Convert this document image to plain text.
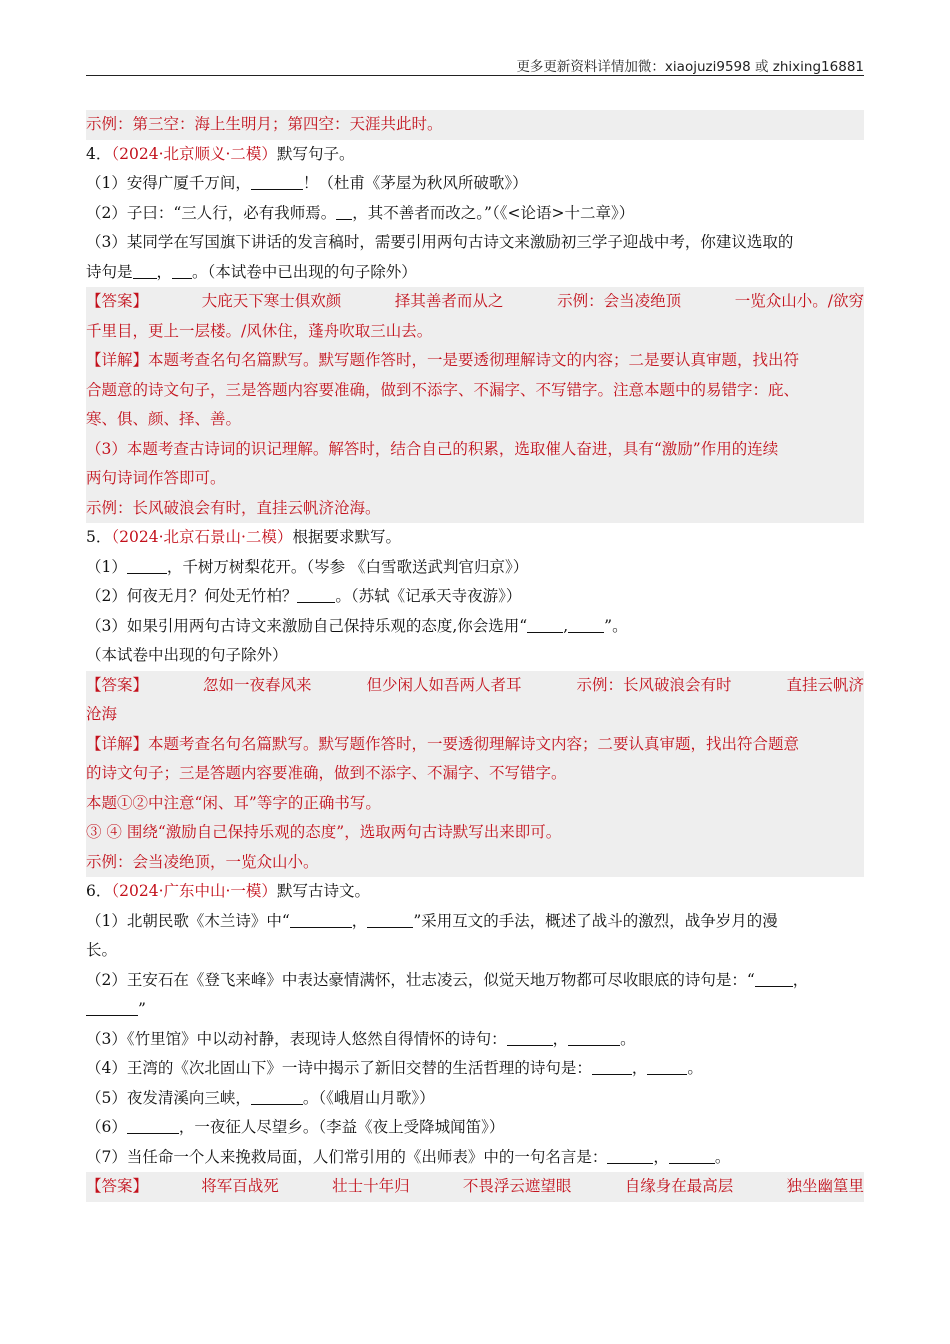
更多更新资料详情加微：xiaojuzi9598 或 zhixing16881
示例：第三空：海上生明月；第四空：天涯共此时。
4．（2024·北京顺义·二模）默写句子。
（1）安得广厦千万间，	！（杜甫《茅屋为秋风所破歌》）
（2）子曰：“三人行，必有我师焉。 ，其不善者而改之。”（《<论语>十二章》）
（3）某同学在写国旗下讲话的发言稿时，需要引用两句古诗文来激励初三学子迎战中考，你建议选取的
诗句是 ， 。（本试卷中已出现的句子除外）
【答案】	大庇天下寒士俱欢颜	择其善者而从之	示例：会当凌绝顶	一览众山小。/欲穷
千里目，更上一层楼。/风休住，蓬舟吹取三山去。
【详解】本题考查名句名篇默写。默写题作答时，一是要透彻理解诗文的内容；二是要认真审题，找出符
合题意的诗文句子，三是答题内容要准确，做到不添字、不漏字、不写错字。注意本题中的易错字：庇、
寒、俱、颜、择、善。
（3）本题考查古诗词的识记理解。解答时，结合自己的积累，选取催人奋进，具有“激励”作用的连续
两句诗词作答即可。
示例：长风破浪会有时，直挂云帆济沧海。
5．（2024·北京石景山·二模）根据要求默写。
（1）	，千树万树梨花开。（岑参 《白雪歌送武判官归京》）
（2）何夜无月？何处无竹柏？ 。（苏轼《记承天寺夜游》）
（3）如果引用两句古诗文来激励自己保持乐观的态度,你会选用“ , ”。
（本试卷中出现的句子除外）
【答案】	忽如一夜春风来	但少闲人如吾两人者耳	示例：长风破浪会有时	直挂云帆济
沧海
【详解】本题考查名句名篇默写。默写题作答时，一要透彻理解诗文内容；二要认真审题，找出符合题意
的诗文句子；三是答题内容要准确，做到不添字、不漏字、不写错字。
本题①②中注意“闲、耳”等字的正确书写。
③ ④ 围绕“激励自己保持乐观的态度”，选取两句古诗默写出来即可。
示例：会当凌绝顶，一览众山小。
6．（2024·广东中山·一模）默写古诗文。
（1）北朝民歌《木兰诗》中“	，	”采用互文的手法，概述了战斗的激烈，战争岁月的漫
长。
（2）王安石在《登飞来峰》中表达豪情满怀，壮志凌云，似觉天地万物都可尽收眼底的诗句是：“ ，
”
（3）《竹里馆》中以动衬静，表现诗人悠然自得情怀的诗句：	，	。
（4）王湾的《次北固山下》一诗中揭示了新旧交替的生活哲理的诗句是：	，	。
（5）夜发清溪向三峡，	。（《峨眉山月歌》）
（6）	，一夜征人尽望乡。（李益《夜上受降城闻笛》）
（7）当任命一个人来挽救局面，人们常引用的《出师表》中的一句名言是：	，	。
【答案】	将军百战死	壮士十年归	不畏浮云遮望眼	自缘身在最高层	独坐幽篁里
